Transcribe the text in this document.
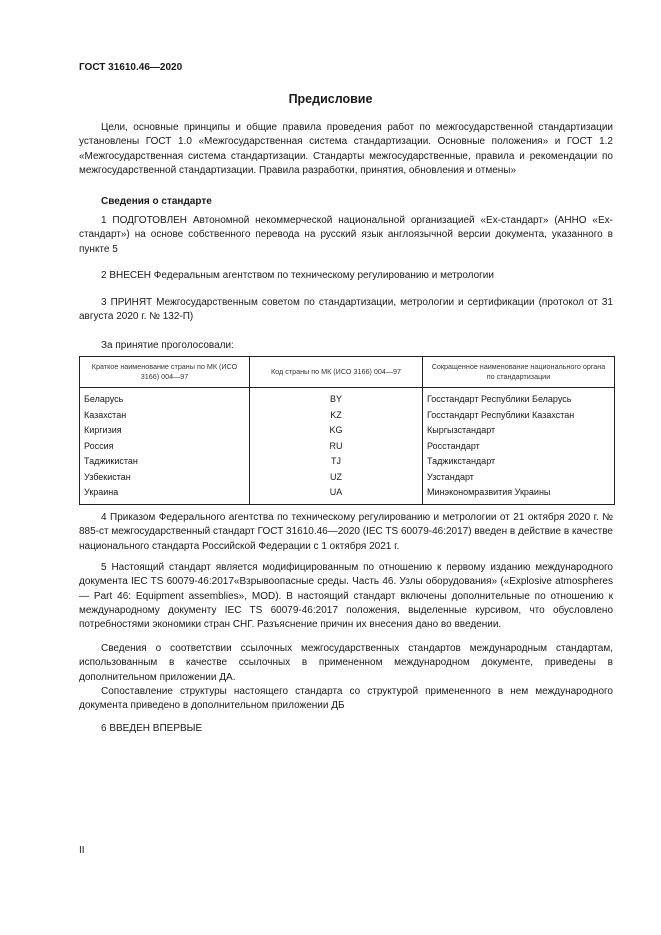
ГОСТ 31610.46—2020
Предисловие

Цели, основные принципы и общие правила проведения работ по межгосударственной стандартизации установлены ГОСТ 1.0 «Межгосударственная система стандартизации. Основные положения» и ГОСТ 1.2 «Межгосударственная система стандартизации. Стандарты межгосударственные, правила и рекомендации по межгосударственной стандартизации. Правила разработки, принятия, обновления и отмены»

Сведения о стандарте

1 ПОДГОТОВЛЕН Автономной некоммерческой национальной организацией «Ех-стандарт» (АННО «Ех-стандарт») на основе собственного перевода на русский язык англоязычной версии документа, указанного в пункте 5

2 ВНЕСЕН Федеральным агентством по техническому регулированию и метрологии

3 ПРИНЯТ Межгосударственным советом по стандартизации, метрологии и сертификации (протокол от 31 августа 2020 г. № 132-П)

За принятие проголосовали:

Краткое наименование страны по МК (ИСО 3166) 004—97	Код страны по МК (ИСО 3166) 004—97	Сокращенное наименование национального органа по стандартизации
Беларусь	BY	Госстандарт Республики Беларусь
Казахстан	KZ	Госстандарт Республики Казахстан
Киргизия	KG	Кыргызстандарт
Россия	RU	Росстандарт
Таджикистан	TJ	Таджикстандарт
Узбекистан	UZ	Узстандарт
Украина	UA	Минэкономразвития Украины

4 Приказом Федерального агентства по техническому регулированию и метрологии от 21 октября 2020 г. № 885-ст межгосударственный стандарт ГОСТ 31610.46—2020 (IEC TS 60079-46:2017) введен в действие в качестве национального стандарта Российской Федерации с 1 октября 2021 г.

5 Настоящий стандарт является модифицированным по отношению к первому изданию международного документа IEC TS 60079-46:2017«Взрывоопасные среды. Часть 46. Узлы оборудования» («Explosive atmospheres — Part 46: Equipment assemblies», MOD). В настоящий стандарт включены дополнительные по отношению к международному документу IEC TS 60079-46:2017 положения, выделенные курсивом, что обусловлено потребностями экономики стран СНГ. Разъяснение причин их внесения дано во введении.

Сведения о соответствии ссылочных межгосударственных стандартов международным стандартам, использованным в качестве ссылочных в примененном международном документе, приведены в дополнительном приложении ДА.

Сопоставление структуры настоящего стандарта со структурой примененного в нем международного документа приведено в дополнительном приложении ДБ

6 ВВЕДЕН ВПЕРВЫЕ

II
